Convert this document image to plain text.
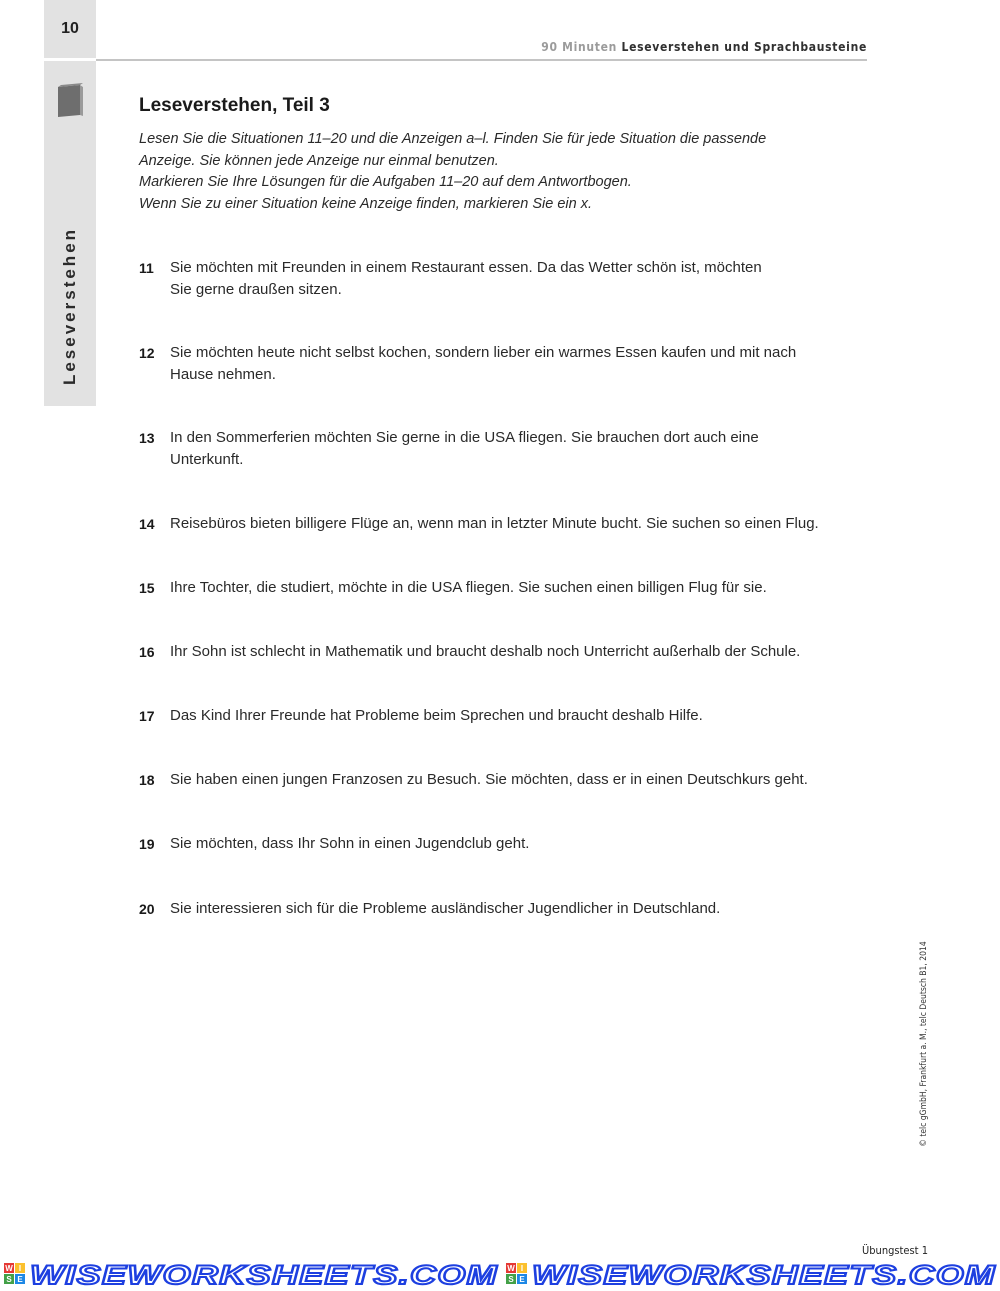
10
Leseverstehen
90 Minuten Leseverstehen und Sprachbausteine
Leseverstehen, Teil 3
Lesen Sie die Situationen 11–20 und die Anzeigen a–l. Finden Sie für jede Situation die passende
Anzeige. Sie können jede Anzeige nur einmal benutzen.
Markieren Sie Ihre Lösungen für die Aufgaben 11–20 auf dem Antwortbogen.
Wenn Sie zu einer Situation keine Anzeige finden, markieren Sie ein x.
11 Sie möchten mit Freunden in einem Restaurant essen. Da das Wetter schön ist, möchten
Sie gerne draußen sitzen.
12 Sie möchten heute nicht selbst kochen, sondern lieber ein warmes Essen kaufen und mit nach
Hause nehmen.
13 In den Sommerferien möchten Sie gerne in die USA fliegen. Sie brauchen dort auch eine
Unterkunft.
14 Reisebüros bieten billigere Flüge an, wenn man in letzter Minute bucht. Sie suchen so einen Flug.
15 Ihre Tochter, die studiert, möchte in die USA fliegen. Sie suchen einen billigen Flug für sie.
16 Ihr Sohn ist schlecht in Mathematik und braucht deshalb noch Unterricht außerhalb der Schule.
17 Das Kind Ihrer Freunde hat Probleme beim Sprechen und braucht deshalb Hilfe.
18 Sie haben einen jungen Franzosen zu Besuch. Sie möchten, dass er in einen Deutschkurs geht.
19 Sie möchten, dass Ihr Sohn in einen Jugendclub geht.
20 Sie interessieren sich für die Probleme ausländischer Jugendlicher in Deutschland.
© telc gGmbH, Frankfurt a. M., telc Deutsch B1, 2014
Übungstest 1
W I
S E WISEWORKSHEETS.COM W I
S E WISEWORKSHEETS.COM
